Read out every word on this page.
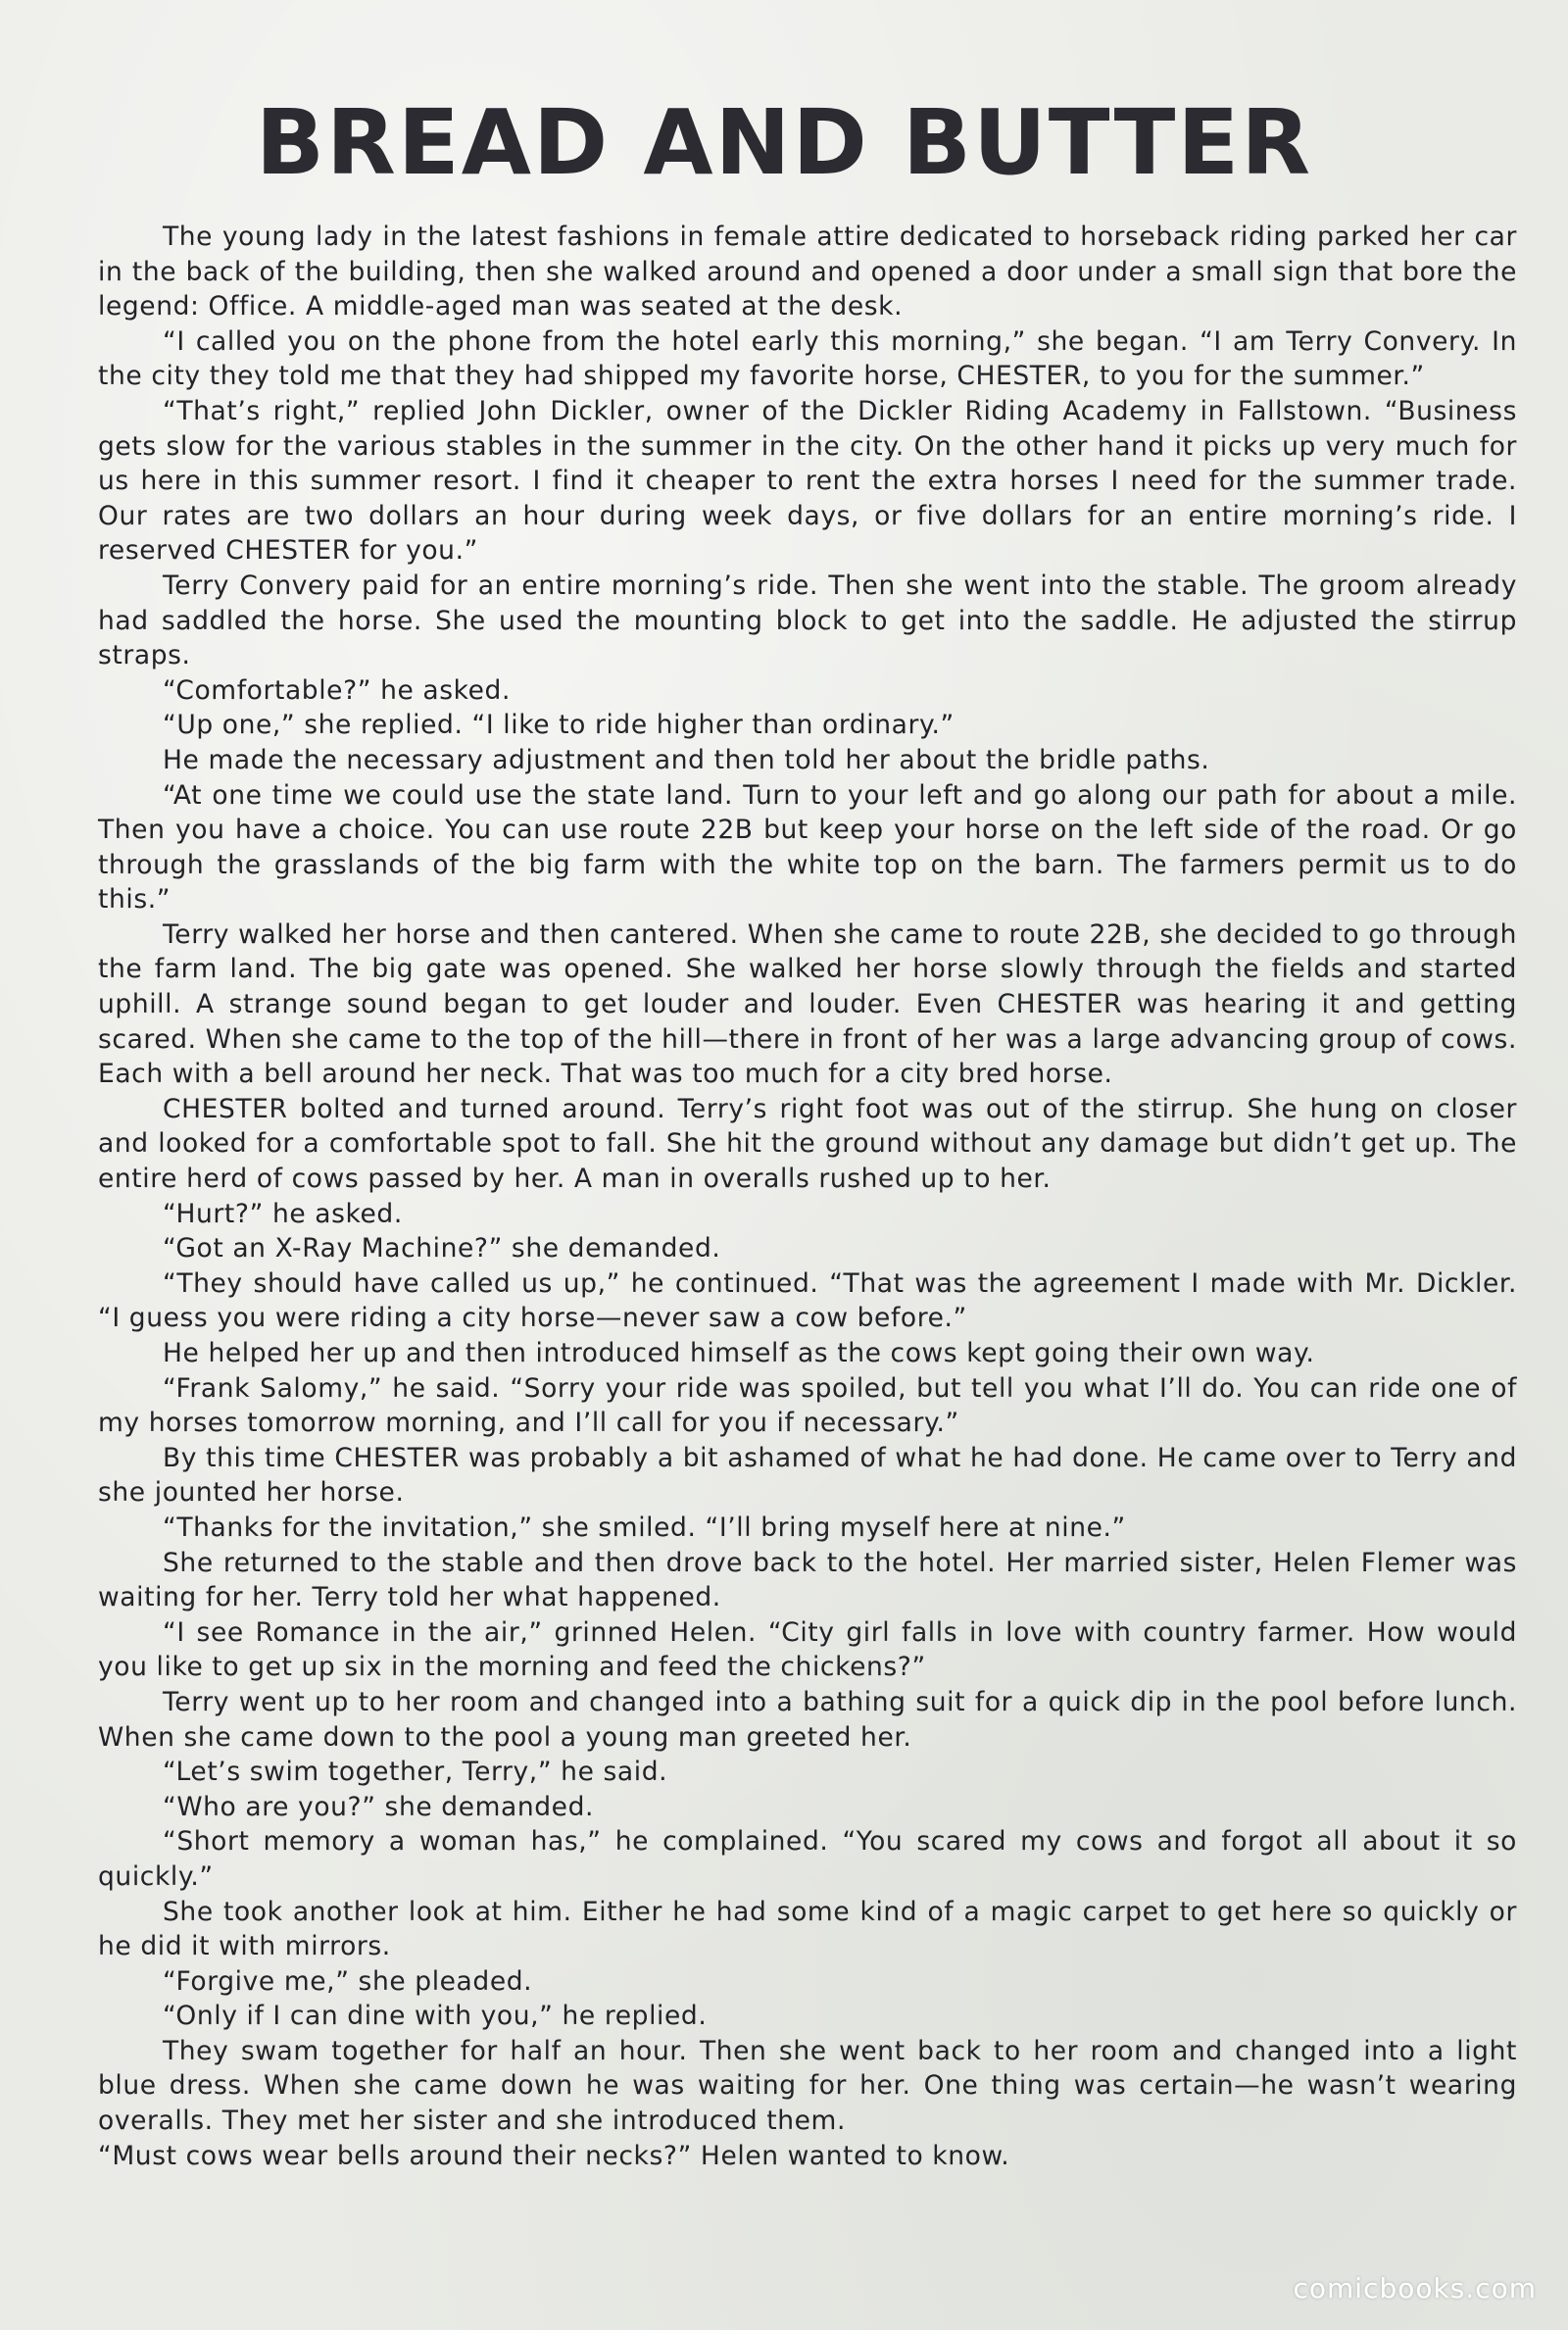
BREAD AND BUTTER

The young lady in the latest fashions in female attire dedicated to horseback riding parked her car in the back of the building, then she walked around and opened a door under a small sign that bore the legend: Office. A middle-aged man was seated at the desk.

“I called you on the phone from the hotel early this morning,” she began. “I am Terry Convery. In the city they told me that they had shipped my favorite horse, CHESTER, to you for the summer.”

“That’s right,” replied John Dickler, owner of the Dickler Riding Academy in Fallstown. “Business gets slow for the various stables in the summer in the city. On the other hand it picks up very much for us here in this summer resort. I find it cheaper to rent the extra horses I need for the summer trade. Our rates are two dollars an hour during week days, or five dollars for an entire morning’s ride. I reserved CHESTER for you.”

Terry Convery paid for an entire morning’s ride. Then she went into the stable. The groom already had saddled the horse. She used the mounting block to get into the saddle. He adjusted the stirrup straps.

“Comfortable?” he asked.

“Up one,” she replied. “I like to ride higher than ordinary.”

He made the necessary adjustment and then told her about the bridle paths.

“At one time we could use the state land. Turn to your left and go along our path for about a mile. Then you have a choice. You can use route 22B but keep your horse on the left side of the road. Or go through the grasslands of the big farm with the white top on the barn. The farmers permit us to do this.”

Terry walked her horse and then cantered. When she came to route 22B, she decided to go through the farm land. The big gate was opened. She walked her horse slowly through the fields and started uphill. A strange sound began to get louder and louder. Even CHESTER was hearing it and getting scared. When she came to the top of the hill—there in front of her was a large advancing group of cows. Each with a bell around her neck. That was too much for a city bred horse.

CHESTER bolted and turned around. Terry’s right foot was out of the stirrup. She hung on closer and looked for a comfortable spot to fall. She hit the ground without any damage but didn’t get up. The entire herd of cows passed by her. A man in overalls rushed up to her.

“Hurt?” he asked.

“Got an X-Ray Machine?” she demanded.

“They should have called us up,” he continued. “That was the agreement I made with Mr. Dickler. “I guess you were riding a city horse—never saw a cow before.”

He helped her up and then introduced himself as the cows kept going their own way.

“Frank Salomy,” he said. “Sorry your ride was spoiled, but tell you what I’ll do. You can ride one of my horses tomorrow morning, and I’ll call for you if necessary.”

By this time CHESTER was probably a bit ashamed of what he had done. He came over to Terry and she jounted her horse.

“Thanks for the invitation,” she smiled. “I’ll bring myself here at nine.”

She returned to the stable and then drove back to the hotel. Her married sister, Helen Flemer was waiting for her. Terry told her what happened.

“I see Romance in the air,” grinned Helen. “City girl falls in love with country farmer. How would you like to get up six in the morning and feed the chickens?”

Terry went up to her room and changed into a bathing suit for a quick dip in the pool before lunch. When she came down to the pool a young man greeted her.

“Let’s swim together, Terry,” he said.

“Who are you?” she demanded.

“Short memory a woman has,” he complained. “You scared my cows and forgot all about it so quickly.”

She took another look at him. Either he had some kind of a magic carpet to get here so quickly or he did it with mirrors.

“Forgive me,” she pleaded.

“Only if I can dine with you,” he replied.

They swam together for half an hour. Then she went back to her room and changed into a light blue dress. When she came down he was waiting for her. One thing was certain—he wasn’t wearing overalls. They met her sister and she introduced them.

“Must cows wear bells around their necks?” Helen wanted to know.

comicbooks.com
